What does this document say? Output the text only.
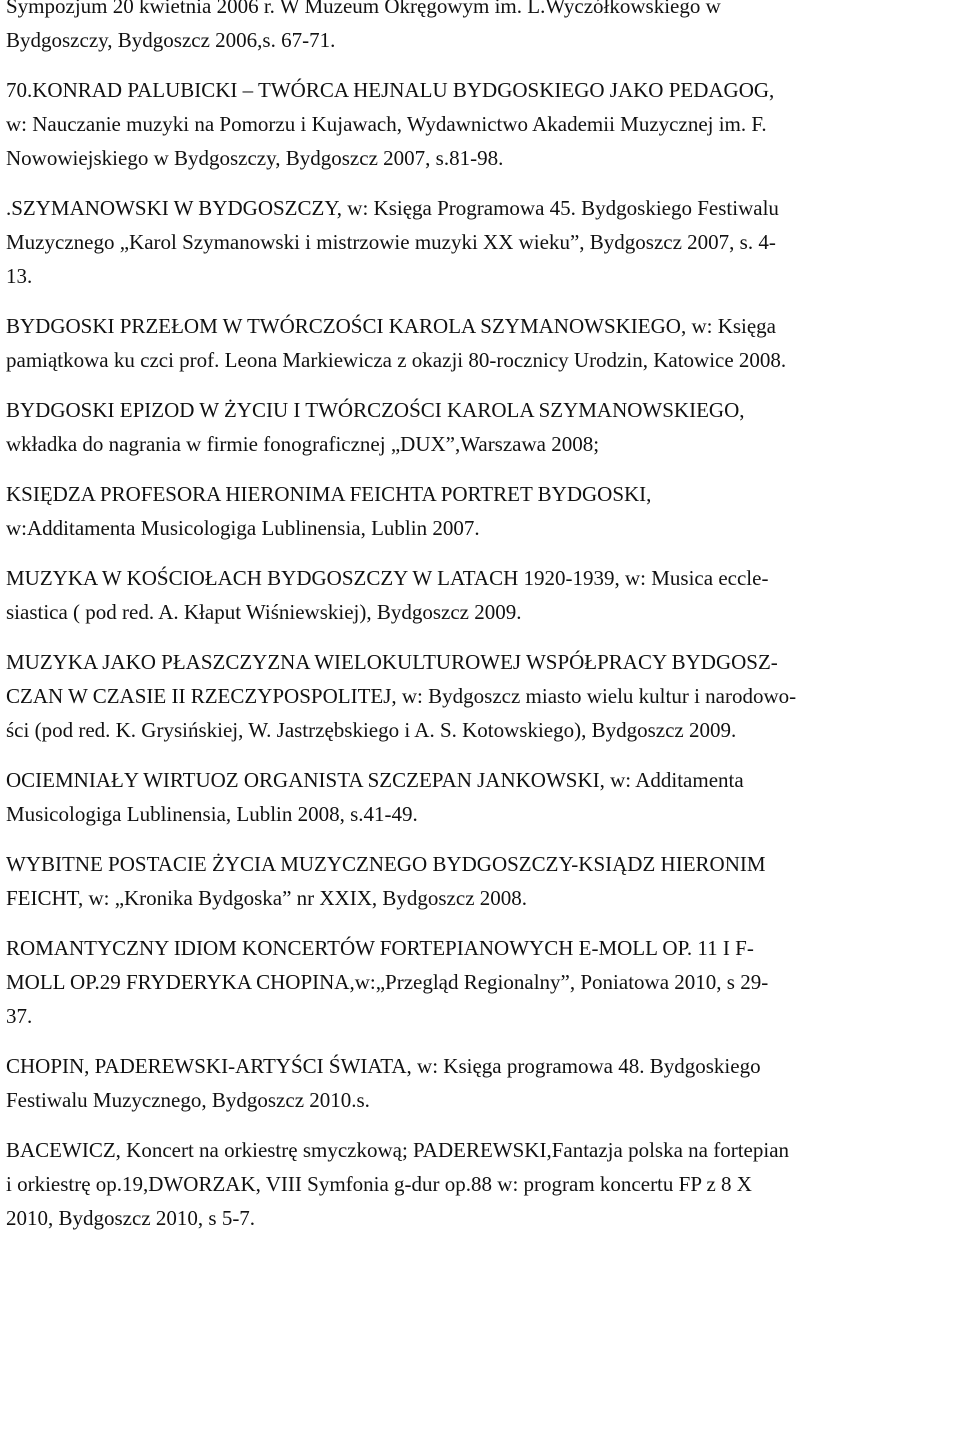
Sympozjum 20 kwietnia 2006 r. W Muzeum Okręgowym im. L.Wyczółkowskiego w
Bydgoszczy, Bydgoszcz 2006,s. 67-71.
70.KONRAD PALUBICKI – TWÓRCA HEJNALU BYDGOSKIEGO JAKO PEDAGOG,
w: Nauczanie muzyki na Pomorzu i Kujawach, Wydawnictwo Akademii Muzycznej im. F.
Nowowiejskiego w Bydgoszczy, Bydgoszcz 2007, s.81-98.
.SZYMANOWSKI W BYDGOSZCZY, w: Księga Programowa 45. Bydgoskiego Festiwalu
Muzycznego „Karol Szymanowski i mistrzowie muzyki XX wieku”, Bydgoszcz 2007, s. 4-
13.
BYDGOSKI PRZEŁOM W TWÓRCZOŚCI KAROLA SZYMANOWSKIEGO, w: Księga
pamiątkowa ku czci prof. Leona Markiewicza z okazji 80-rocznicy Urodzin, Katowice 2008.
BYDGOSKI EPIZOD W ŻYCIU I TWÓRCZOŚCI KAROLA SZYMANOWSKIEGO,
wkładka do nagrania w firmie fonograficznej „DUX”,Warszawa 2008;
KSIĘDZA PROFESORA HIERONIMA FEICHTA PORTRET BYDGOSKI,
w:Additamenta Musicologiga Lublinensia, Lublin 2007.
MUZYKA W KOŚCIOŁACH BYDGOSZCZY W LATACH 1920-1939, w: Musica eccle-
siastica ( pod red. A. Kłaput Wiśniewskiej), Bydgoszcz 2009.
MUZYKA JAKO PŁASZCZYZNA WIELOKULTUROWEJ WSPÓŁPRACY BYDGOSZ-
CZAN W CZASIE II RZECZYPOSPOLITEJ, w: Bydgoszcz miasto wielu kultur i narodowo-
ści (pod red. K. Grysińskiej, W. Jastrzębskiego i A. S. Kotowskiego), Bydgoszcz 2009.
OCIEMNIAŁY WIRTUOZ ORGANISTA SZCZEPAN JANKOWSKI, w: Additamenta
Musicologiga Lublinensia, Lublin 2008, s.41-49.
WYBITNE POSTACIE ŻYCIA MUZYCZNEGO BYDGOSZCZY-KSIĄDZ HIERONIM
FEICHT, w: „Kronika Bydgoska” nr XXIX, Bydgoszcz 2008.
ROMANTYCZNY IDIOM KONCERTÓW FORTEPIANOWYCH E-MOLL OP. 11 I F-
MOLL OP.29 FRYDERYKA CHOPINA,w:„Przegląd Regionalny”, Poniatowa 2010, s 29-
37.
CHOPIN, PADEREWSKI-ARTYŚCI ŚWIATA, w: Księga programowa 48. Bydgoskiego
Festiwalu Muzycznego, Bydgoszcz 2010.s.
BACEWICZ, Koncert na orkiestrę smyczkową; PADEREWSKI,Fantazja polska na fortepian
i orkiestrę op.19,DWORZAK, VIII Symfonia g-dur op.88 w: program koncertu FP z 8 X
2010, Bydgoszcz 2010, s 5-7.
